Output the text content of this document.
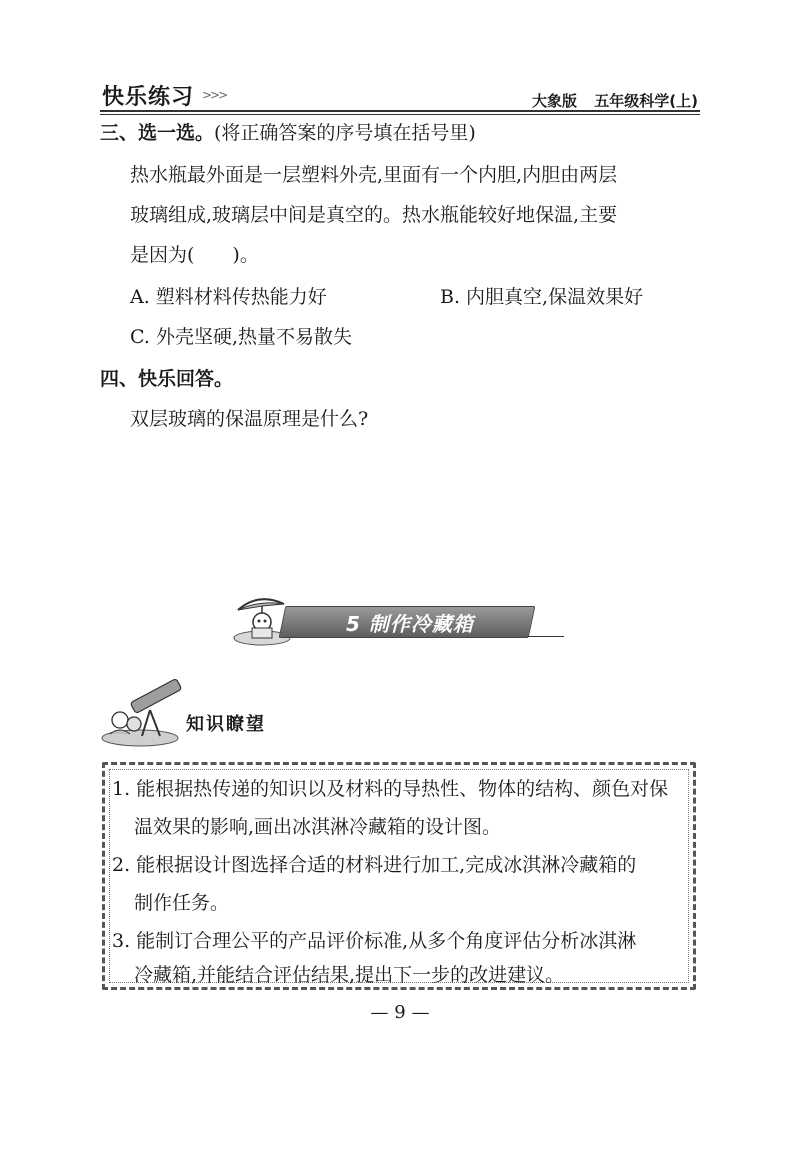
快乐练习 >>>	大象版 五年级科学(上)
三、选一选。(将正确答案的序号填在括号里)
热水瓶最外面是一层塑料外壳,里面有一个内胆,内胆由两层
玻璃组成,玻璃层中间是真空的。热水瓶能较好地保温,主要
是因为(　　)。
A. 塑料材料传热能力好	B. 内胆真空,保温效果好
C. 外壳坚硬,热量不易散失
四、快乐回答。
双层玻璃的保温原理是什么?
5 制作冷藏箱
知识瞭望
1. 能根据热传递的知识以及材料的导热性、物体的结构、颜色对保
温效果的影响,画出冰淇淋冷藏箱的设计图。
2. 能根据设计图选择合适的材料进行加工,完成冰淇淋冷藏箱的
制作任务。
3. 能制订合理公平的产品评价标准,从多个角度评估分析冰淇淋
冷藏箱,并能结合评估结果,提出下一步的改进建议。
— 9 —
